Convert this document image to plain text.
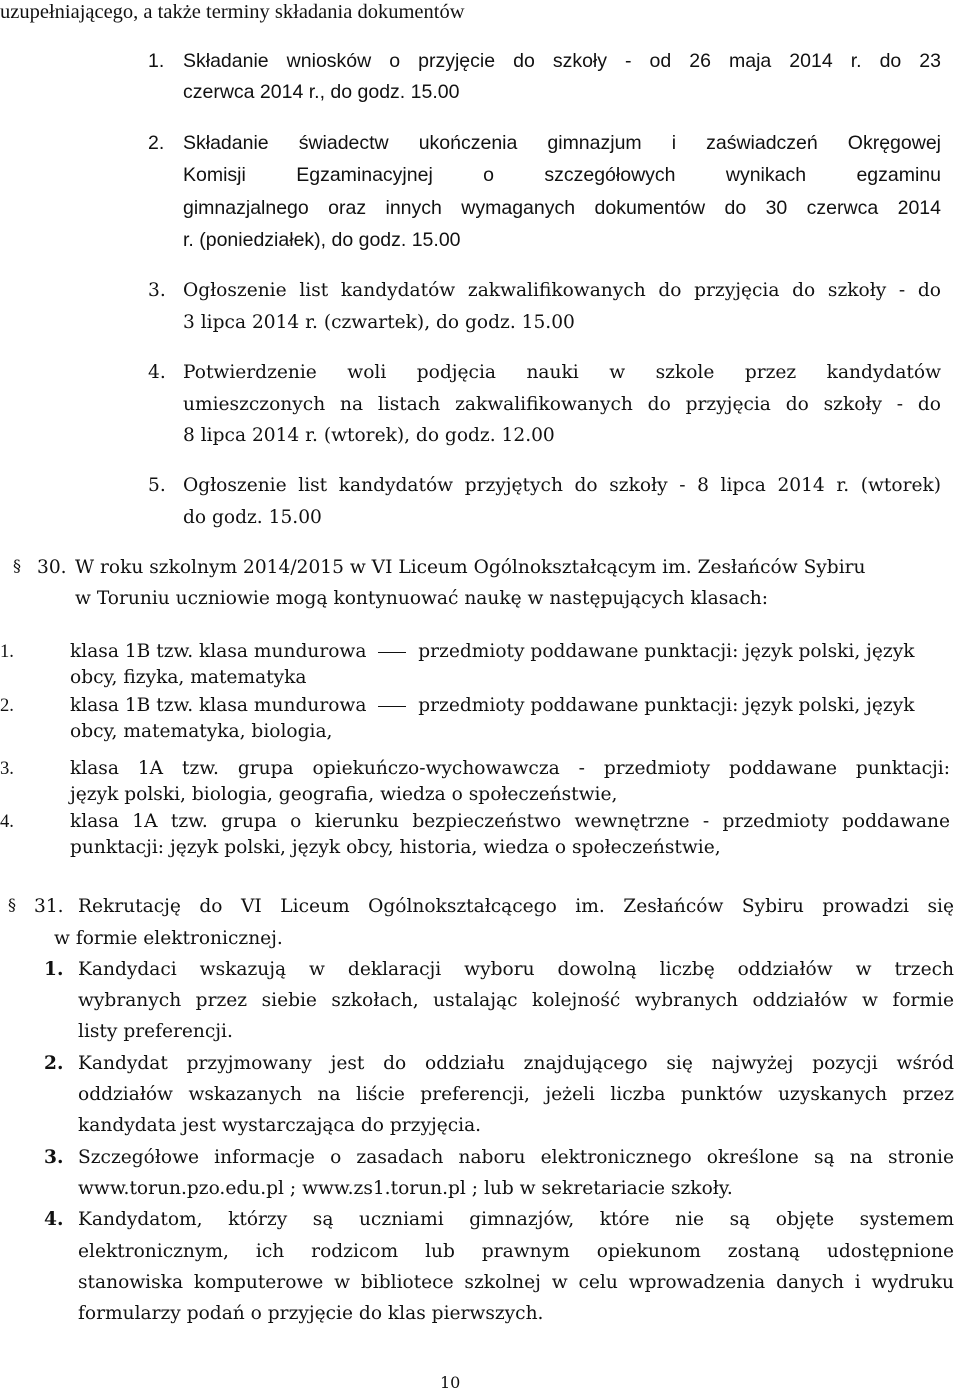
uzupełniającego, a także terminy składania dokumentów
1. Składanie wniosków o przyjęcie do szkoły - od 26 maja 2014 r. do 23
czerwca 2014 r., do godz. 15.00
2. Składanie świadectw ukończenia gimnazjum i zaświadczeń Okręgowej
Komisji Egzaminacyjnej o szczegółowych wynikach egzaminu
gimnazjalnego oraz innych wymaganych dokumentów do 30 czerwca 2014
r. (poniedziałek), do godz. 15.00
3. Ogłoszenie list kandydatów zakwalifikowanych do przyjęcia do szkoły - do
3 lipca 2014 r. (czwartek), do godz. 15.00
4. Potwierdzenie woli podjęcia nauki w szkole przez kandydatów
umieszczonych na listach zakwalifikowanych do przyjęcia do szkoły - do
8 lipca 2014 r. (wtorek), do godz. 12.00
5. Ogłoszenie list kandydatów przyjętych do szkoły - 8 lipca 2014 r. (wtorek)
do godz. 15.00
§ 30. W roku szkolnym 2014/2015 w VI Liceum Ogólnokształcącym im. Zesłańców Sybiru
w Toruniu uczniowie mogą kontynuować naukę w następujących klasach:
1.	klasa 1B tzw. klasa mundurowa	przedmioty poddawane punktacji: język polski, język
obcy, fizyka, matematyka
2.	klasa 1B tzw. klasa mundurowa	przedmioty poddawane punktacji: język polski, język
obcy, matematyka, biologia,
3.	klasa 1A tzw. grupa opiekuńczo-wychowawcza - przedmioty poddawane punktacji:
język polski, biologia, geografia, wiedza o społeczeństwie,
4.	klasa 1A tzw. grupa o kierunku bezpieczeństwo wewnętrzne - przedmioty poddawane
punktacji: język polski, język obcy, historia, wiedza o społeczeństwie,
§ 31. Rekrutację do VI Liceum Ogólnokształcącego im. Zesłańców Sybiru prowadzi się
w formie elektronicznej.
1. Kandydaci wskazują w deklaracji wyboru dowolną liczbę oddziałów w trzech
wybranych przez siebie szkołach, ustalając kolejność wybranych oddziałów w formie
listy preferencji.
2. Kandydat przyjmowany jest do oddziału znajdującego się najwyżej pozycji wśród
oddziałów wskazanych na liście preferencji, jeżeli liczba punktów uzyskanych przez
kandydata jest wystarczająca do przyjęcia.
3. Szczegółowe informacje o zasadach naboru elektronicznego określone są na stronie
www.torun.pzo.edu.pl ; www.zs1.torun.pl ; lub w sekretariacie szkoły.
4. Kandydatom, którzy są uczniami gimnazjów, które nie są objęte systemem
elektronicznym, ich rodzicom lub prawnym opiekunom zostaną udostępnione
stanowiska komputerowe w bibliotece szkolnej w celu wprowadzenia danych i wydruku
formularzy podań o przyjęcie do klas pierwszych.
10
